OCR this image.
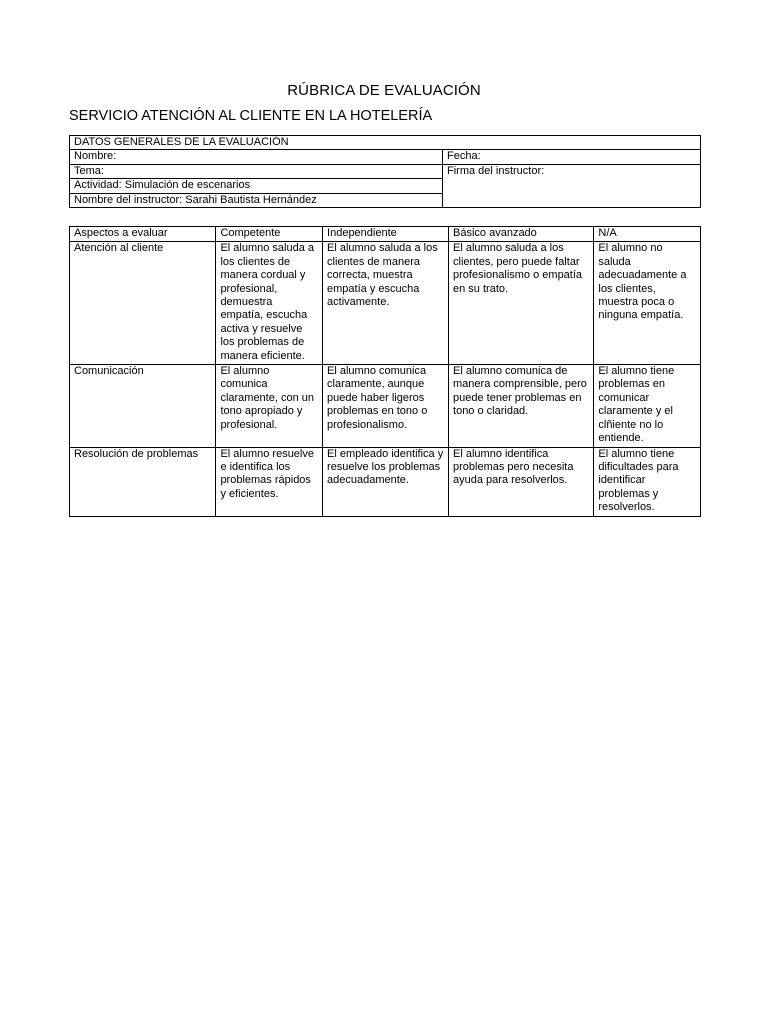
RÚBRICA DE EVALUACIÓN
SERVICIO ATENCIÓN AL CLIENTE EN LA HOTELERÍA
DATOS GENERALES DE LA EVALUACIÓN	
Nombre:	Fecha:
Tema:	Firma del instructor:
Actividad: Simulación de escenarios	
Nombre del instructor: Sarahi Bautista Hernández	
Aspectos a evaluar	Competente	Independiente	Básico avanzado	N/A
Atención al cliente	El alumno saluda a los clientes de manera cordual y profesional, demuestra empatía, escucha activa y resuelve los problemas de manera eficiente.	El alumno saluda a los clientes de manera correcta, muestra empatía y escucha activamente.	El alumno saluda a los clientes, pero puede faltar profesionalismo o empatía en su trato.	El alumno no saluda adecuadamente a los clientes, muestra poca o ninguna empatía.
Comunicación	El alumno comunica claramente, con un tono apropiado y profesional.	El alumno comunica claramente, aunque puede haber ligeros problemas en tono o profesionalismo.	El alumno comunica de manera comprensible, pero puede tener problemas en tono o claridad.	El alumno tiene problemas en comunicar claramente y el clñiente no lo entiende.
Resolución de problemas	El alumno resuelve e identifica los problemas rápidos y eficientes.	El empleado identifica y resuelve los problemas adecuadamente.	El alumno identifica problemas pero necesita ayuda para resolverlos.	El alumno tiene dificultades para identificar problemas y resolverlos.
